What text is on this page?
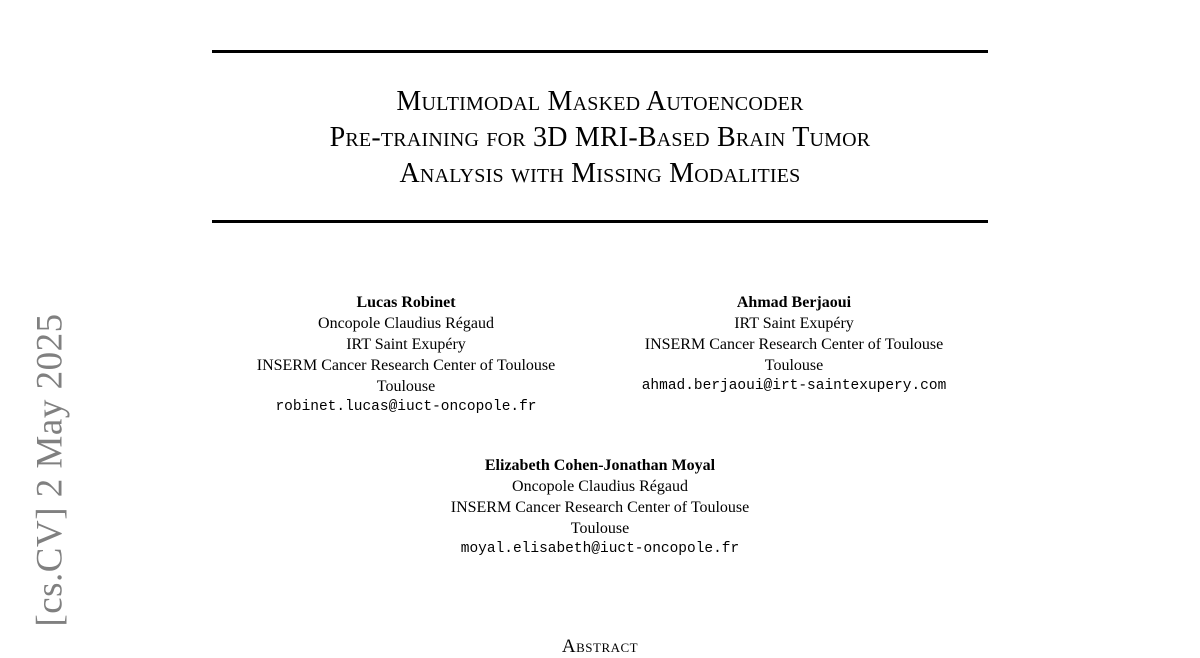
Multimodal Masked Autoencoder
Pre-training for 3D MRI-Based Brain Tumor
Analysis with Missing Modalities
Lucas Robinet
Oncopole Claudius Régaud
IRT Saint Exupéry
INSERM Cancer Research Center of Toulouse
Toulouse
robinet.lucas@iuct-oncopole.fr
Ahmad Berjaoui
IRT Saint Exupéry
INSERM Cancer Research Center of Toulouse
Toulouse
ahmad.berjaoui@irt-saintexupery.com
Elizabeth Cohen-Jonathan Moyal
Oncopole Claudius Régaud
INSERM Cancer Research Center of Toulouse
Toulouse
moyal.elisabeth@iuct-oncopole.fr
[cs.CV] 2 May 2025
Abstract
